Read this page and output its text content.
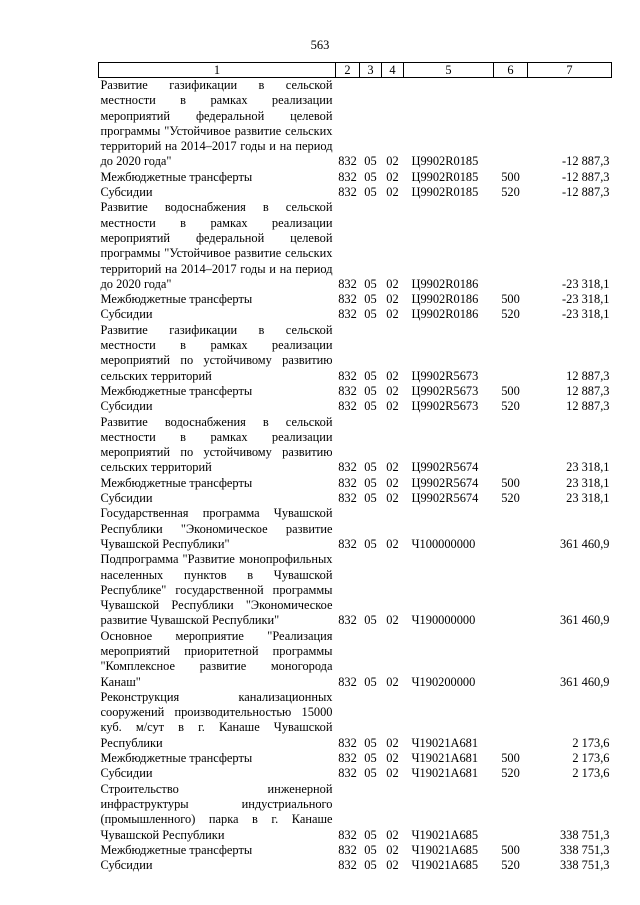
563
1	2	3	4	5	6	7
Развитие газификации в сельской местности в рамках реализации мероприятий федеральной целевой программы "Устойчивое развитие сельских территорий на 2014–2017 годы и на период до 2020 года"	832	05	02	Ц9902R0185		-12 887,3
Межбюджетные трансферты	832	05	02	Ц9902R0185	500	-12 887,3
Субсидии	832	05	02	Ц9902R0185	520	-12 887,3
Развитие водоснабжения в сельской местности в рамках реализации мероприятий федеральной целевой программы "Устойчивое развитие сельских территорий на 2014–2017 годы и на период до 2020 года"	832	05	02	Ц9902R0186		-23 318,1
Межбюджетные трансферты	832	05	02	Ц9902R0186	500	-23 318,1
Субсидии	832	05	02	Ц9902R0186	520	-23 318,1
Развитие газификации в сельской местности в рамках реализации мероприятий по устойчивому развитию сельских территорий	832	05	02	Ц9902R5673		12 887,3
Межбюджетные трансферты	832	05	02	Ц9902R5673	500	12 887,3
Субсидии	832	05	02	Ц9902R5673	520	12 887,3
Развитие водоснабжения в сельской местности в рамках реализации мероприятий по устойчивому развитию сельских территорий	832	05	02	Ц9902R5674		23 318,1
Межбюджетные трансферты	832	05	02	Ц9902R5674	500	23 318,1
Субсидии	832	05	02	Ц9902R5674	520	23 318,1
Государственная программа Чувашской Республики "Экономическое развитие Чувашской Республики"	832	05	02	Ч100000000		361 460,9
Подпрограмма "Развитие монопрофильных населенных пунктов в Чувашской Республике" государственной программы Чувашской Республики "Экономическое развитие Чувашской Республики"	832	05	02	Ч190000000		361 460,9
Основное мероприятие "Реализация мероприятий приоритетной программы "Комплексное развитие моногорода Канаш"	832	05	02	Ч190200000		361 460,9
Реконструкция канализационных сооружений производительностью 15000 куб. м/сут в г. Канаше Чувашской Республики	832	05	02	Ч19021А681		2 173,6
Межбюджетные трансферты	832	05	02	Ч19021А681	500	2 173,6
Субсидии	832	05	02	Ч19021А681	520	2 173,6
Строительство инженерной инфраструктуры индустриального (промышленного) парка в г. Канаше Чувашской Республики	832	05	02	Ч19021А685		338 751,3
Межбюджетные трансферты	832	05	02	Ч19021А685	500	338 751,3
Субсидии	832	05	02	Ч19021А685	520	338 751,3
